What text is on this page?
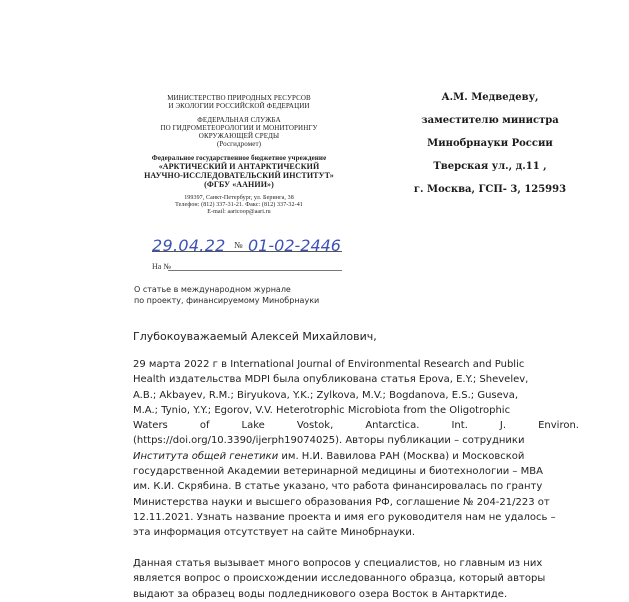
МИНИСТЕРСТВО ПРИРОДНЫХ РЕСУРСОВ
И ЭКОЛОГИИ РОССИЙСКОЙ ФЕДЕРАЦИИ
ФЕДЕРАЛЬНАЯ СЛУЖБА
ПО ГИДРОМЕТЕОРОЛОГИИ И МОНИТОРИНГУ
ОКРУЖАЮЩЕЙ СРЕДЫ
(Росгидромет)
Федеральное государственное бюджетное учреждение
«АРКТИЧЕСКИЙ И АНТАРКТИЧЕСКИЙ
НАУЧНО-ИССЛЕДОВАТЕЛЬСКИЙ ИНСТИТУТ»
(ФГБУ «ААНИИ»)
199397, Санкт-Петербург, ул. Беринга, 38
Телефон: (812) 337-31-21. Факс: (812) 337-32-41
E-mail: aaricoop@aari.ru
29.04.22 № 01-02-2446
На №
О статье в международном журнале
по проекту, финансируемому Минобрнауки
А.М. Медведеву,
заместителю министра
Минобрнауки России
Тверская ул., д.11 ,
г. Москва, ГСП- 3, 125993
Глубокоуважаемый Алексей Михайлович,
29 марта 2022 г в International Journal of Environmental Research and Public
Health издательства MDPI была опубликована статья Epova, E.Y.; Shevelev,
A.B.; Akbayev, R.M.; Biryukova, Y.K.; Zylkova, M.V.; Bogdanova, E.S.; Guseva,
M.A.; Tynio, Y.Y.; Egorov, V.V. Heterotrophic Microbiota from the Oligotrophic
Waters	of	Lake	Vostok,	Antarctica.	Int.	J.	Environ.
(https://doi.org/10.3390/ijerph19074025). Авторы публикации – сотрудники
Института общей генетики им. Н.И. Вавилова РАН (Москва) и Московской
государственной Академии ветеринарной медицины и биотехнологии – МВА
им. К.И. Скрябина. В статье указано, что работа финансировалась по гранту
Министерства науки и высшего образования РФ, соглашение № 204-21/223 от
12.11.2021. Узнать название проекта и имя его руководителя нам не удалось –
эта информация отсутствует на сайте Минобрнауки.
Данная статья вызывает много вопросов у специалистов, но главным из них
является вопрос о происхождении исследованного образца, который авторы
выдают за образец воды подледникового озера Восток в Антарктиде.
